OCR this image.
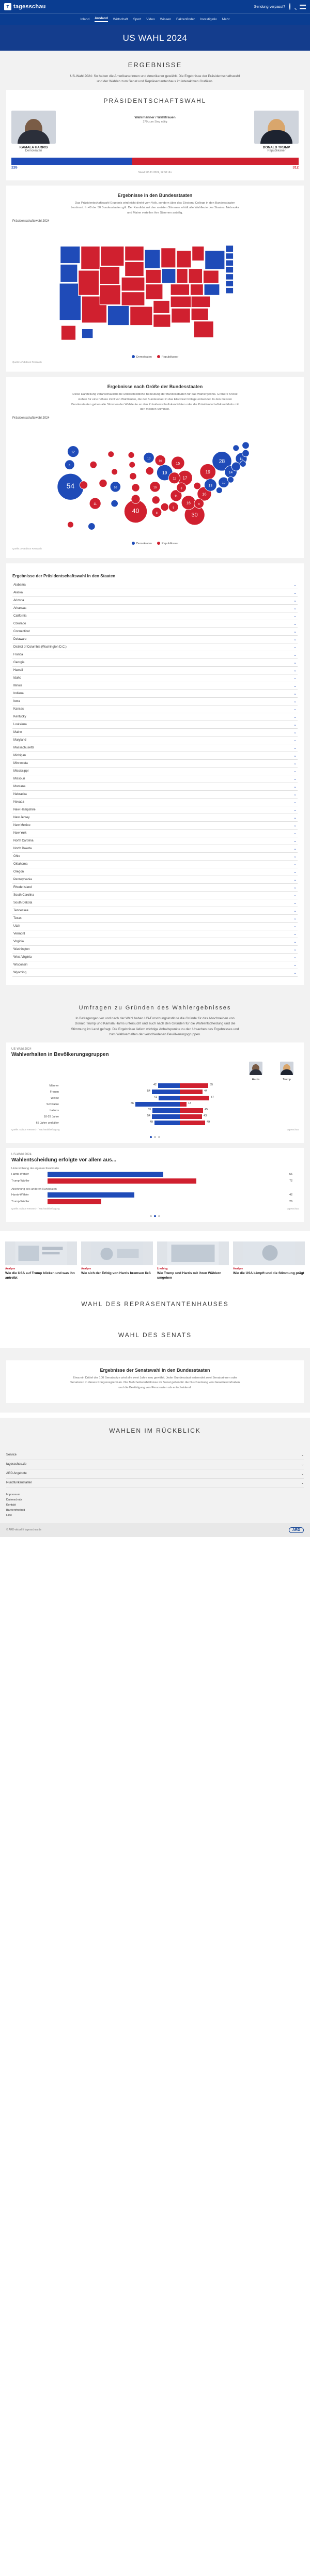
T tagesschau	Sendung verpasst?
Inland Ausland Wirtschaft Sport Video Wissen Faktenfinder Investigativ Mehr
US WAHL 2024
ERGEBNISSE
US-Wahl 2024: So haben die Amerikanerinnen und Amerikaner gewählt. Die Ergebnisse der Präsidentschaftswahl und der Wahlen zum Senat und Repräsentantenhaus im interaktiven Grafiken.
PRÄSIDENTSCHAFTSWAHL
KAMALA HARRIS
Demokraten
Wahlmänner / Wahlfrauen
270 zum Sieg nötig
DONALD TRUMP
Republikaner
226	312
Stand: 06.11.2024, 12:30 Uhr
Ergebnisse in den Bundesstaaten

Das Präsidentschaftswahl-Ergebnis wird nicht direkt vom Volk, sondern über das Electoral College in den Bundesstaaten bestimmt. In 48 der 50 Bundesstaaten gilt: Der Kandidat mit den meisten Stimmen erhält alle Wahlleute des Staates. Nebraska und Maine verteilen ihre Stimmen anteilig.

Präsidentschaftswahl 2024
Demokraten	Republikaner
Quelle: AP/Edison Research
Ergebnisse nach Größe der Bundesstaaten

Diese Darstellung veranschaulicht die unterschiedliche Bedeutung der Bundesstaaten für das Wahlergebnis. Größere Kreise stehen für eine höhere Zahl von Wahlleuten, die der Bundesstaat in das Electoral College entsendet. In den meisten Bundesstaaten gehen alle Stimmen der Wahlleute an den Präsidentschaftskandidaten oder die Präsidentschaftskandidatin mit den meisten Stimmen.

Präsidentschaftswahl 2024
54
40
30
28
19
19
17
16
16
15
14
13
12
11
11
11
11
10
10
10
10
10
9
9
8
8
8
Demokraten	Republikaner
Quelle: AP/Edison Research
Ergebnisse der Präsidentschaftswahl in den Staaten
Alabama	⌄
Alaska	⌄
Arizona	⌄
Arkansas	⌄
California	⌄
Colorado	⌄
Connecticut	⌄
Delaware	⌄
District of Columbia (Washington D.C.)	⌄
Florida	⌄
Georgia	⌄
Hawaii	⌄
Idaho	⌄
Illinois	⌄
Indiana	⌄
Iowa	⌄
Kansas	⌄
Kentucky	⌄
Louisiana	⌄
Maine	⌄
Maryland	⌄
Massachusetts	⌄
Michigan	⌄
Minnesota	⌄
Mississippi	⌄
Missouri	⌄
Montana	⌄
Nebraska	⌄
Nevada	⌄
New Hampshire	⌄
New Jersey	⌄
New Mexico	⌄
New York	⌄
North Carolina	⌄
North Dakota	⌄
Ohio	⌄
Oklahoma	⌄
Oregon	⌄
Pennsylvania	⌄
Rhode Island	⌄
South Carolina	⌄
South Dakota	⌄
Tennessee	⌄
Texas	⌄
Utah	⌄
Vermont	⌄
Virginia	⌄
Washington	⌄
West Virginia	⌄
Wisconsin	⌄
Wyoming	⌄
Umfragen zu Gründen des Wahlergebnisses
In Befragungen vor und nach der Wahl haben US-Forschungsinstitute die Gründe für das Abschneiden von Donald Trump und Kamala Harris untersucht und auch nach den Gründen für die Wahlentscheidung und die Stimmung im Land gefragt. Die Ergebnisse liefern wichtige Anhaltspunkte zu den Ursachen des Ergebnisses und zum Wahlverhalten der verschiedenen Bevölkerungsgruppen.
US-Wahl 2024
Wahlverhalten in Bevölkerungsgruppen
Harris	Trump
Männer	42	55
Frauen	54	44
Weiße	41	57
Schwarze	86	13
Latinos	53	45
18-29 Jahre	54	43
65 Jahre und älter	49	49
Quelle: Edison Research / Nachwahlbefragung	tagesschau
US-Wahl 2024
Wahlentscheidung erfolgte vor allem aus...
Unterstützung der eigenen Kandidatin
Harris-Wähler	56
Trump-Wähler	72
Ablehnung des anderen Kandidaten
Harris-Wähler	42
Trump-Wähler	26
Quelle: Edison Research / Nachwahlbefragung	tagesschau
Analyse
Wie die USA auf Trump blicken und was ihn antreibt
Analyse
Wie sich der Erfolg von Harris bremsen ließ
Liveblog
Wie Trump und Harris mit ihren Wählern umgehen
Analyse
Wie die USA kämpft und die Stimmung prägt
WAHL DES REPRÄSENTANTENHAUSES
WAHL DES SENATS
Ergebnisse der Senatswahl in den Bundesstaaten

Etwa ein Drittel der 100 Senatssitze wird alle zwei Jahre neu gewählt. Jeder Bundesstaat entsendet zwei Senatorinnen oder Senatoren in dieses Kongressgremium. Die Mehrheitsverhältnisse im Senat gelten für die Durchsetzung von Gesetzesvorhaben und die Bestätigung von Personalien als entscheidend.

WAHLEN IM RÜCKBLICK
Service	⌄
tagesschau.de	⌄
ARD Angebote	⌄
Rundfunkanstalten	⌄
Impressum
Datenschutz
Kontakt
Barrierefreiheit
Hilfe
© ARD-aktuell / tagesschau.de	ARD
